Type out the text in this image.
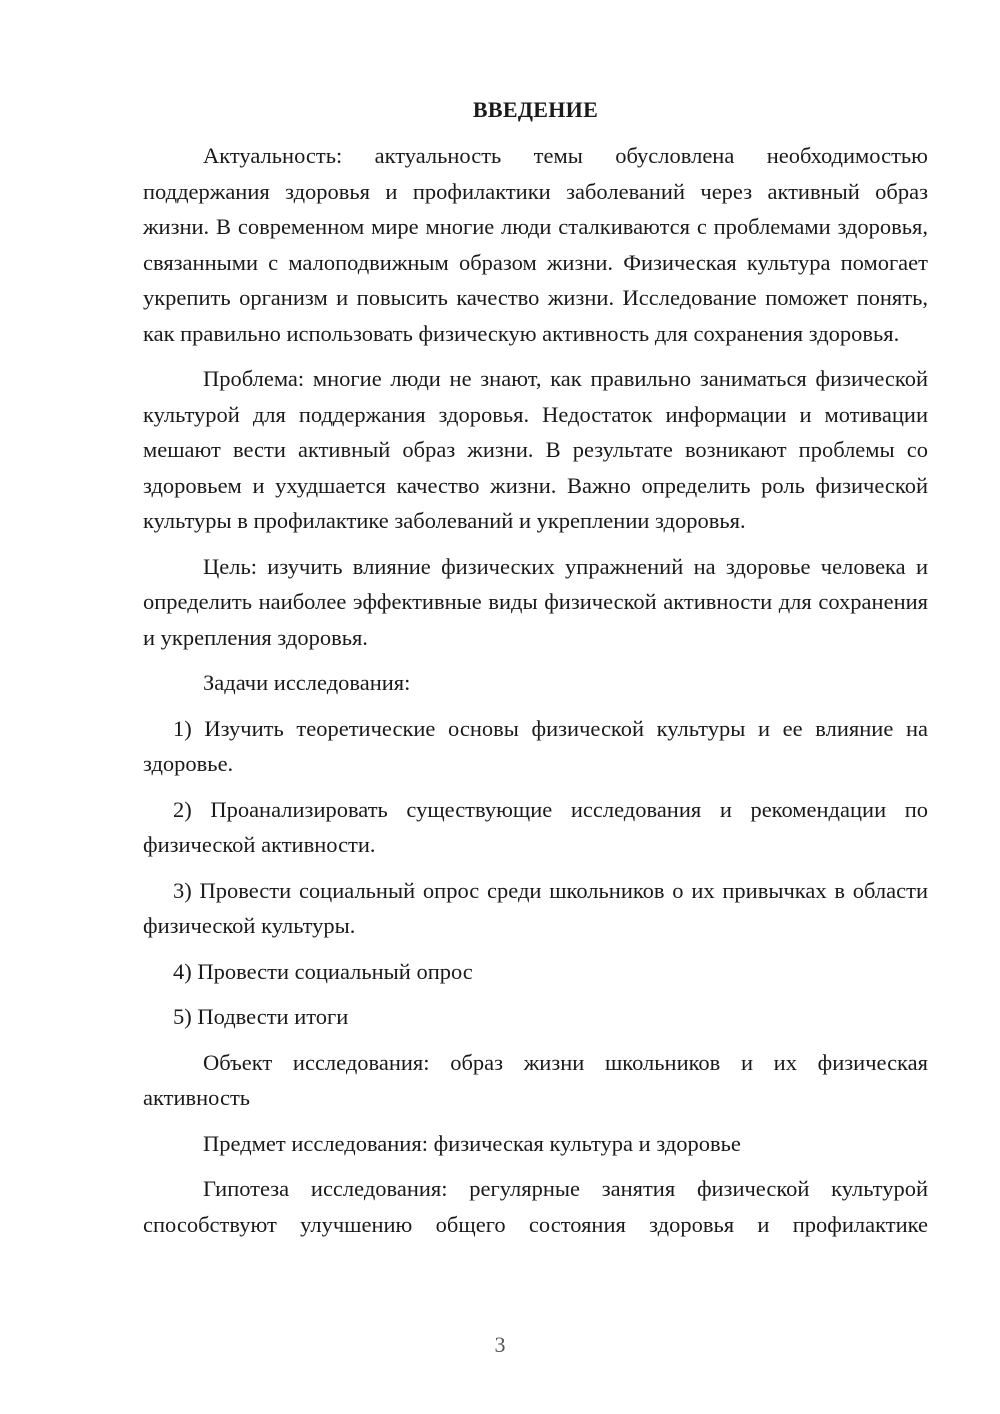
ВВЕДЕНИЕ

Актуальность: актуальность темы обусловлена необходимостью поддержания здоровья и профилактики заболеваний через активный образ жизни. В современном мире многие люди сталкиваются с проблемами здоровья, связанными с малоподвижным образом жизни. Физическая культура помогает укрепить организм и повысить качество жизни. Исследование поможет понять, как правильно использовать физическую активность для сохранения здоровья.

Проблема: многие люди не знают, как правильно заниматься физической культурой для поддержания здоровья. Недостаток информации и мотивации мешают вести активный образ жизни. В результате возникают проблемы со здоровьем и ухудшается качество жизни. Важно определить роль физической культуры в профилактике заболеваний и укреплении здоровья.

Цель: изучить влияние физических упражнений на здоровье человека и определить наиболее эффективные виды физической активности для сохранения и укрепления здоровья.

Задачи исследования:

1) Изучить теоретические основы физической культуры и ее влияние на здоровье.

2) Проанализировать существующие исследования и рекомендации по физической активности.

3) Провести социальный опрос среди школьников о их привычках в области физической культуры.

4) Провести социальный опрос

5) Подвести итоги

Объект исследования: образ жизни школьников и их физическая активность

Предмет исследования: физическая культура и здоровье

Гипотеза исследования: регулярные занятия физической культурой способствуют улучшению общего состояния здоровья и профилактике

3
